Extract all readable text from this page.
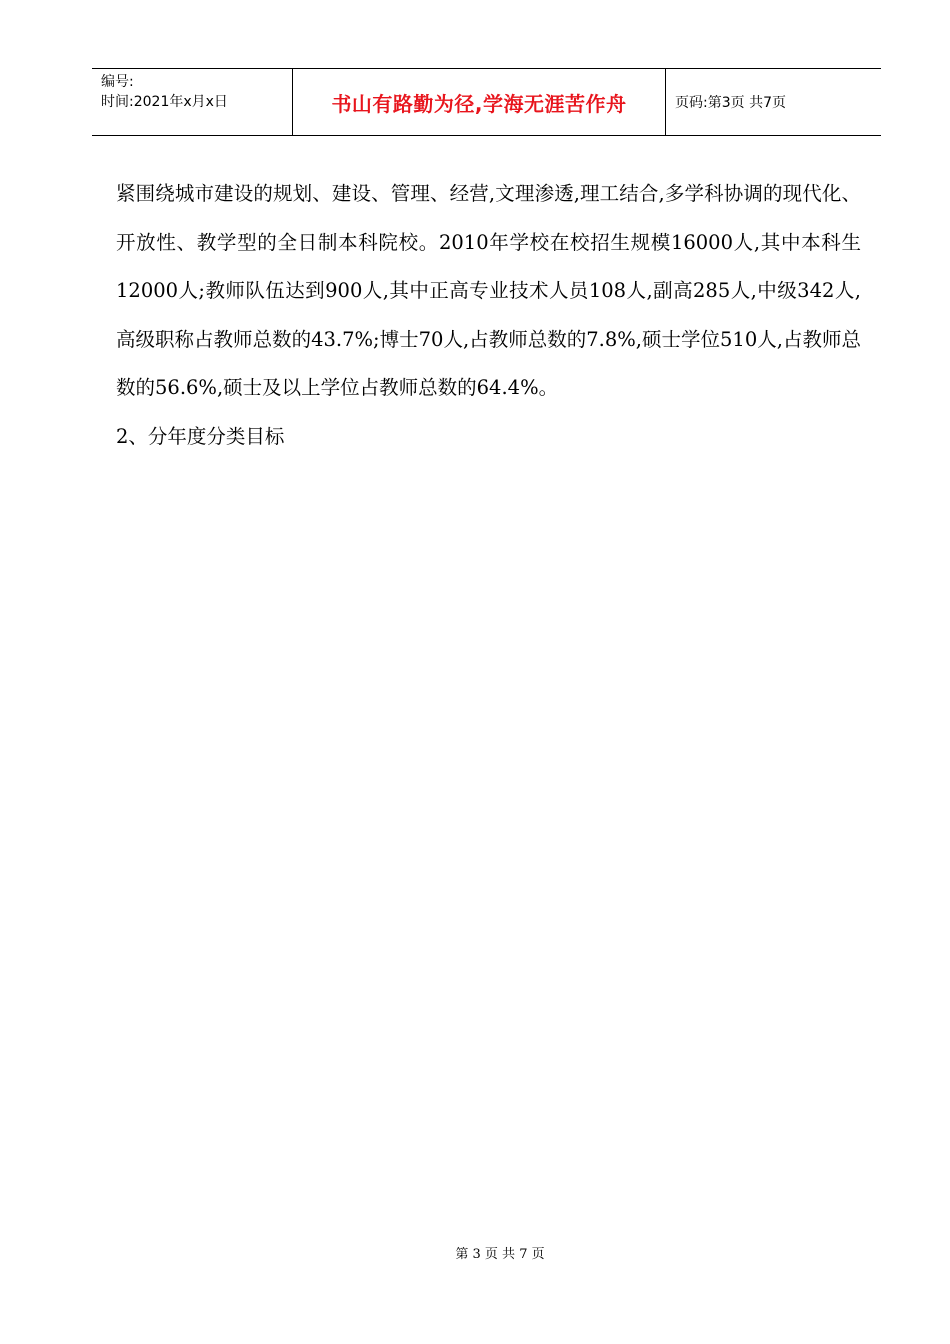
编号:
时间:2021年x月x日	书山有路勤为径,学海无涯苦作舟	页码:第3页 共7页

紧围绕城市建设的规划、建设、管理、经营,文理渗透,理工结合,多学科协调的现代化、开放性、教学型的全日制本科院校。2010年学校在校招生规模16000人,其中本科生12000人;教师队伍达到900人,其中正高专业技术人员108人,副高285人,中级342人,高级职称占教师总数的43.7%;博士70人,占教师总数的7.8%,硕士学位510人,占教师总数的56.6%,硕士及以上学位占教师总数的64.4%。

2、分年度分类目标

第 3 页 共 7 页
